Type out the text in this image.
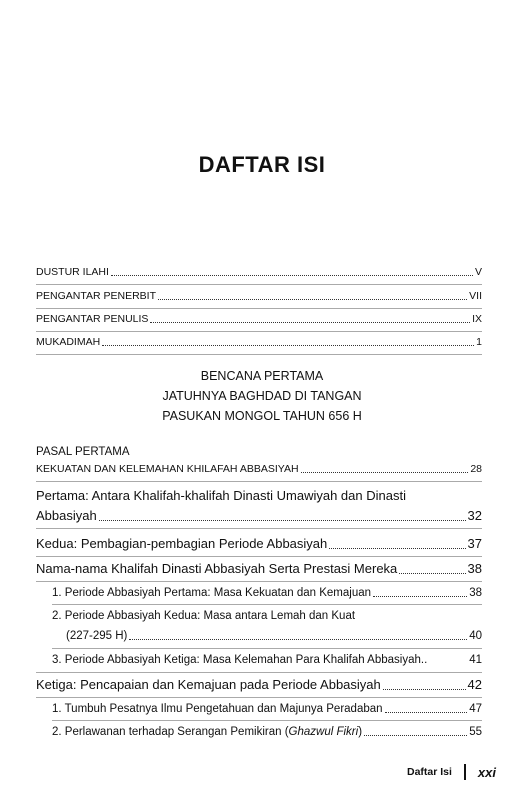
DAFTAR ISI
DUSTUR ILAHI	V
PENGANTAR PENERBIT	VII
PENGANTAR PENULIS	IX
MUKADIMAH	1
PASAL PERTAMA
KEKUATAN DAN KELEMAHAN KHILAFAH ABBASIYAH	28
Pertama: Antara Khalifah-khalifah Dinasti Umawiyah dan Dinasti
Abbasiyah	32
Kedua: Pembagian-pembagian Periode Abbasiyah	37
Nama-nama Khalifah Dinasti Abbasiyah Serta Prestasi Mereka	38
1. Periode Abbasiyah Pertama: Masa Kekuatan dan Kemajuan	38
2. Periode Abbasiyah Kedua: Masa antara Lemah dan Kuat
(227-295 H)	40
3. Periode Abbasiyah Ketiga: Masa Kelemahan Para Khalifah Abbasiyah..	41
Ketiga: Pencapaian dan Kemajuan pada Periode Abbasiyah	42
1. Tumbuh Pesatnya Ilmu Pengetahuan dan Majunya Peradaban	47
2. Perlawanan terhadap Serangan Pemikiran (Ghazwul Fikri)	55
BENCANA PERTAMA
JATUHNYA BAGHDAD DI TANGAN
PASUKAN MONGOL TAHUN 656 H
Daftar Isi xxi
